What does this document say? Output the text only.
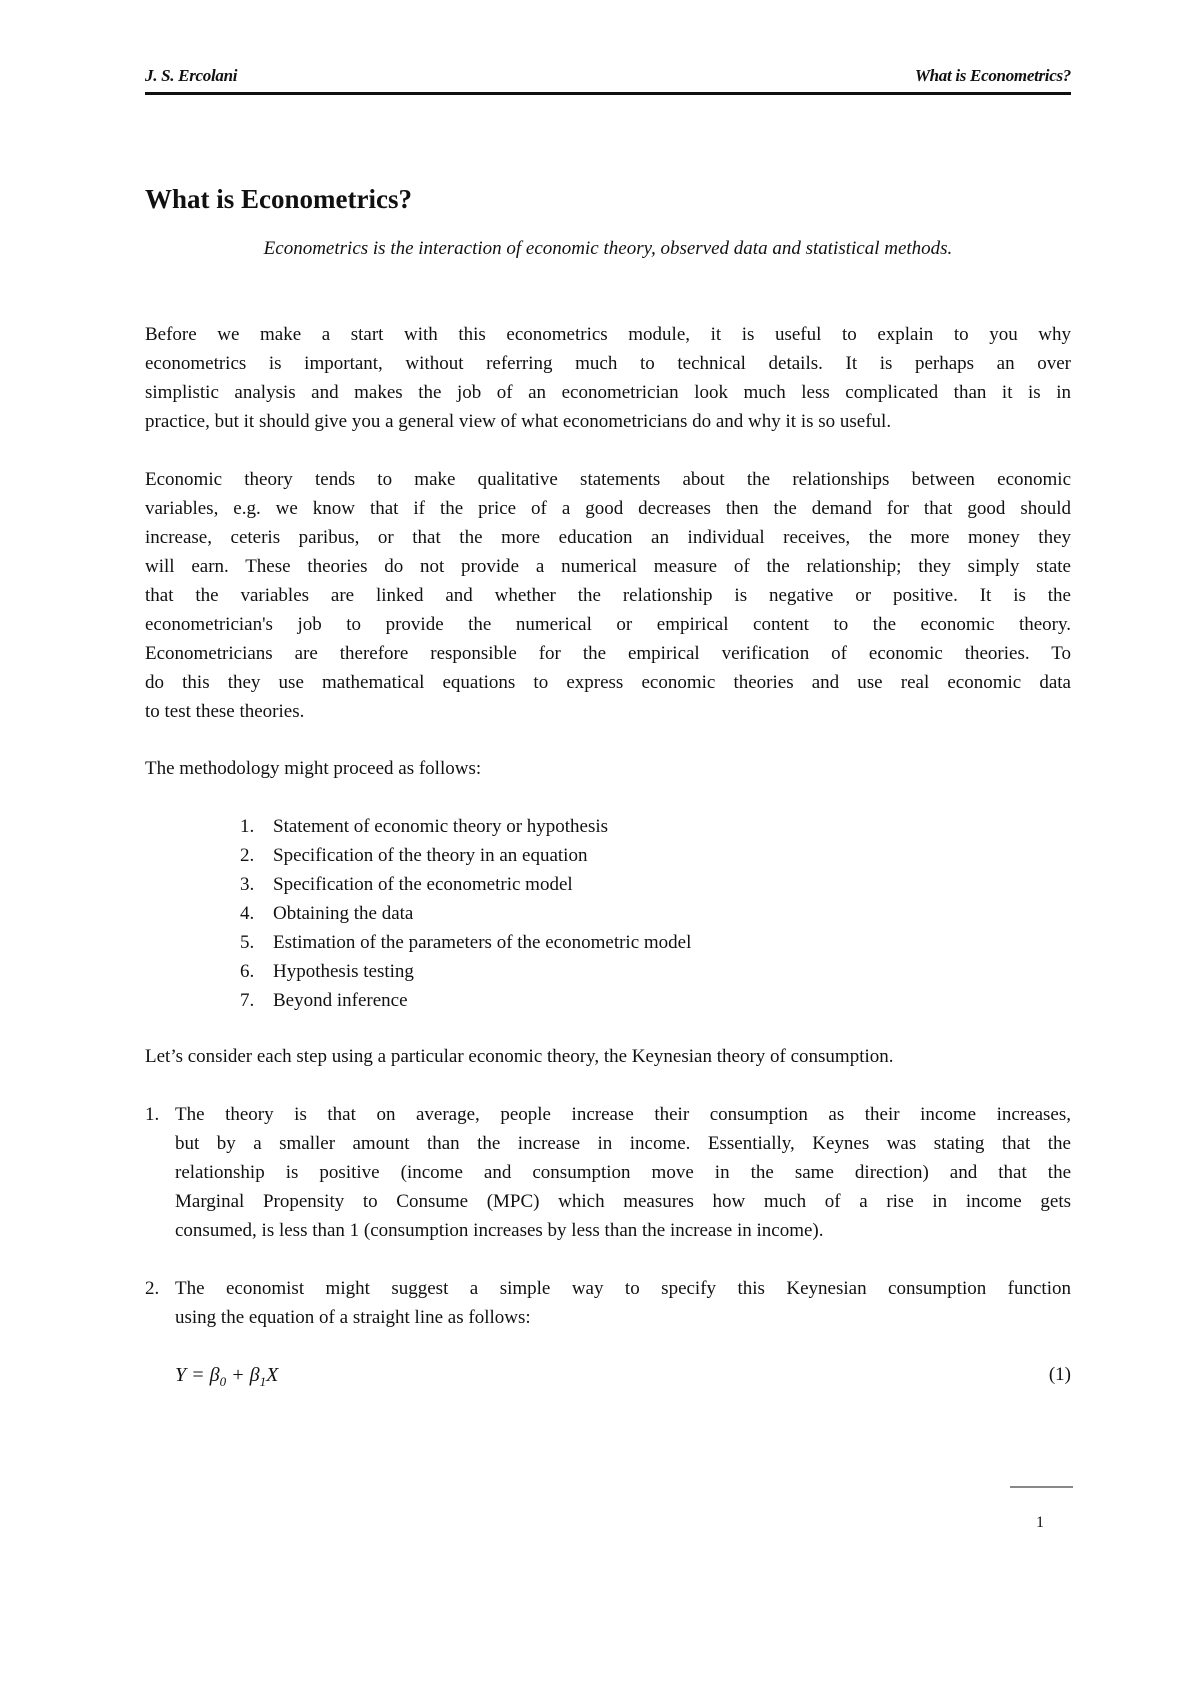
J. S. Ercolani	What is Econometrics?
What is Econometrics?
Econometrics is the interaction of economic theory, observed data and statistical methods.
Before we make a start with this econometrics module, it is useful to explain to you why
econometrics is important, without referring much to technical details. It is perhaps an over
simplistic analysis and makes the job of an econometrician look much less complicated than it is in
practice, but it should give you a general view of what econometricians do and why it is so useful.
Economic theory tends to make qualitative statements about the relationships between economic
variables, e.g. we know that if the price of a good decreases then the demand for that good should
increase, ceteris paribus, or that the more education an individual receives, the more money they
will earn. These theories do not provide a numerical measure of the relationship; they simply state
that the variables are linked and whether the relationship is negative or positive. It is the
econometrician's job to provide the numerical or empirical content to the economic theory.
Econometricians are therefore responsible for the empirical verification of economic theories. To
do this they use mathematical equations to express economic theories and use real economic data
to test these theories.
The methodology might proceed as follows:
1. Statement of economic theory or hypothesis
2. Specification of the theory in an equation
3. Specification of the econometric model
4. Obtaining the data
5. Estimation of the parameters of the econometric model
6. Hypothesis testing
7. Beyond inference
Let’s consider each step using a particular economic theory, the Keynesian theory of consumption.
1. The theory is that on average, people increase their consumption as their income increases,
but by a smaller amount than the increase in income. Essentially, Keynes was stating that the
relationship is positive (income and consumption move in the same direction) and that the
Marginal Propensity to Consume (MPC) which measures how much of a rise in income gets
consumed, is less than 1 (consumption increases by less than the increase in income).
2. The economist might suggest a simple way to specify this Keynesian consumption function
using the equation of a straight line as follows:
$Y = \beta_0 + \beta_1X$	(1)
1
